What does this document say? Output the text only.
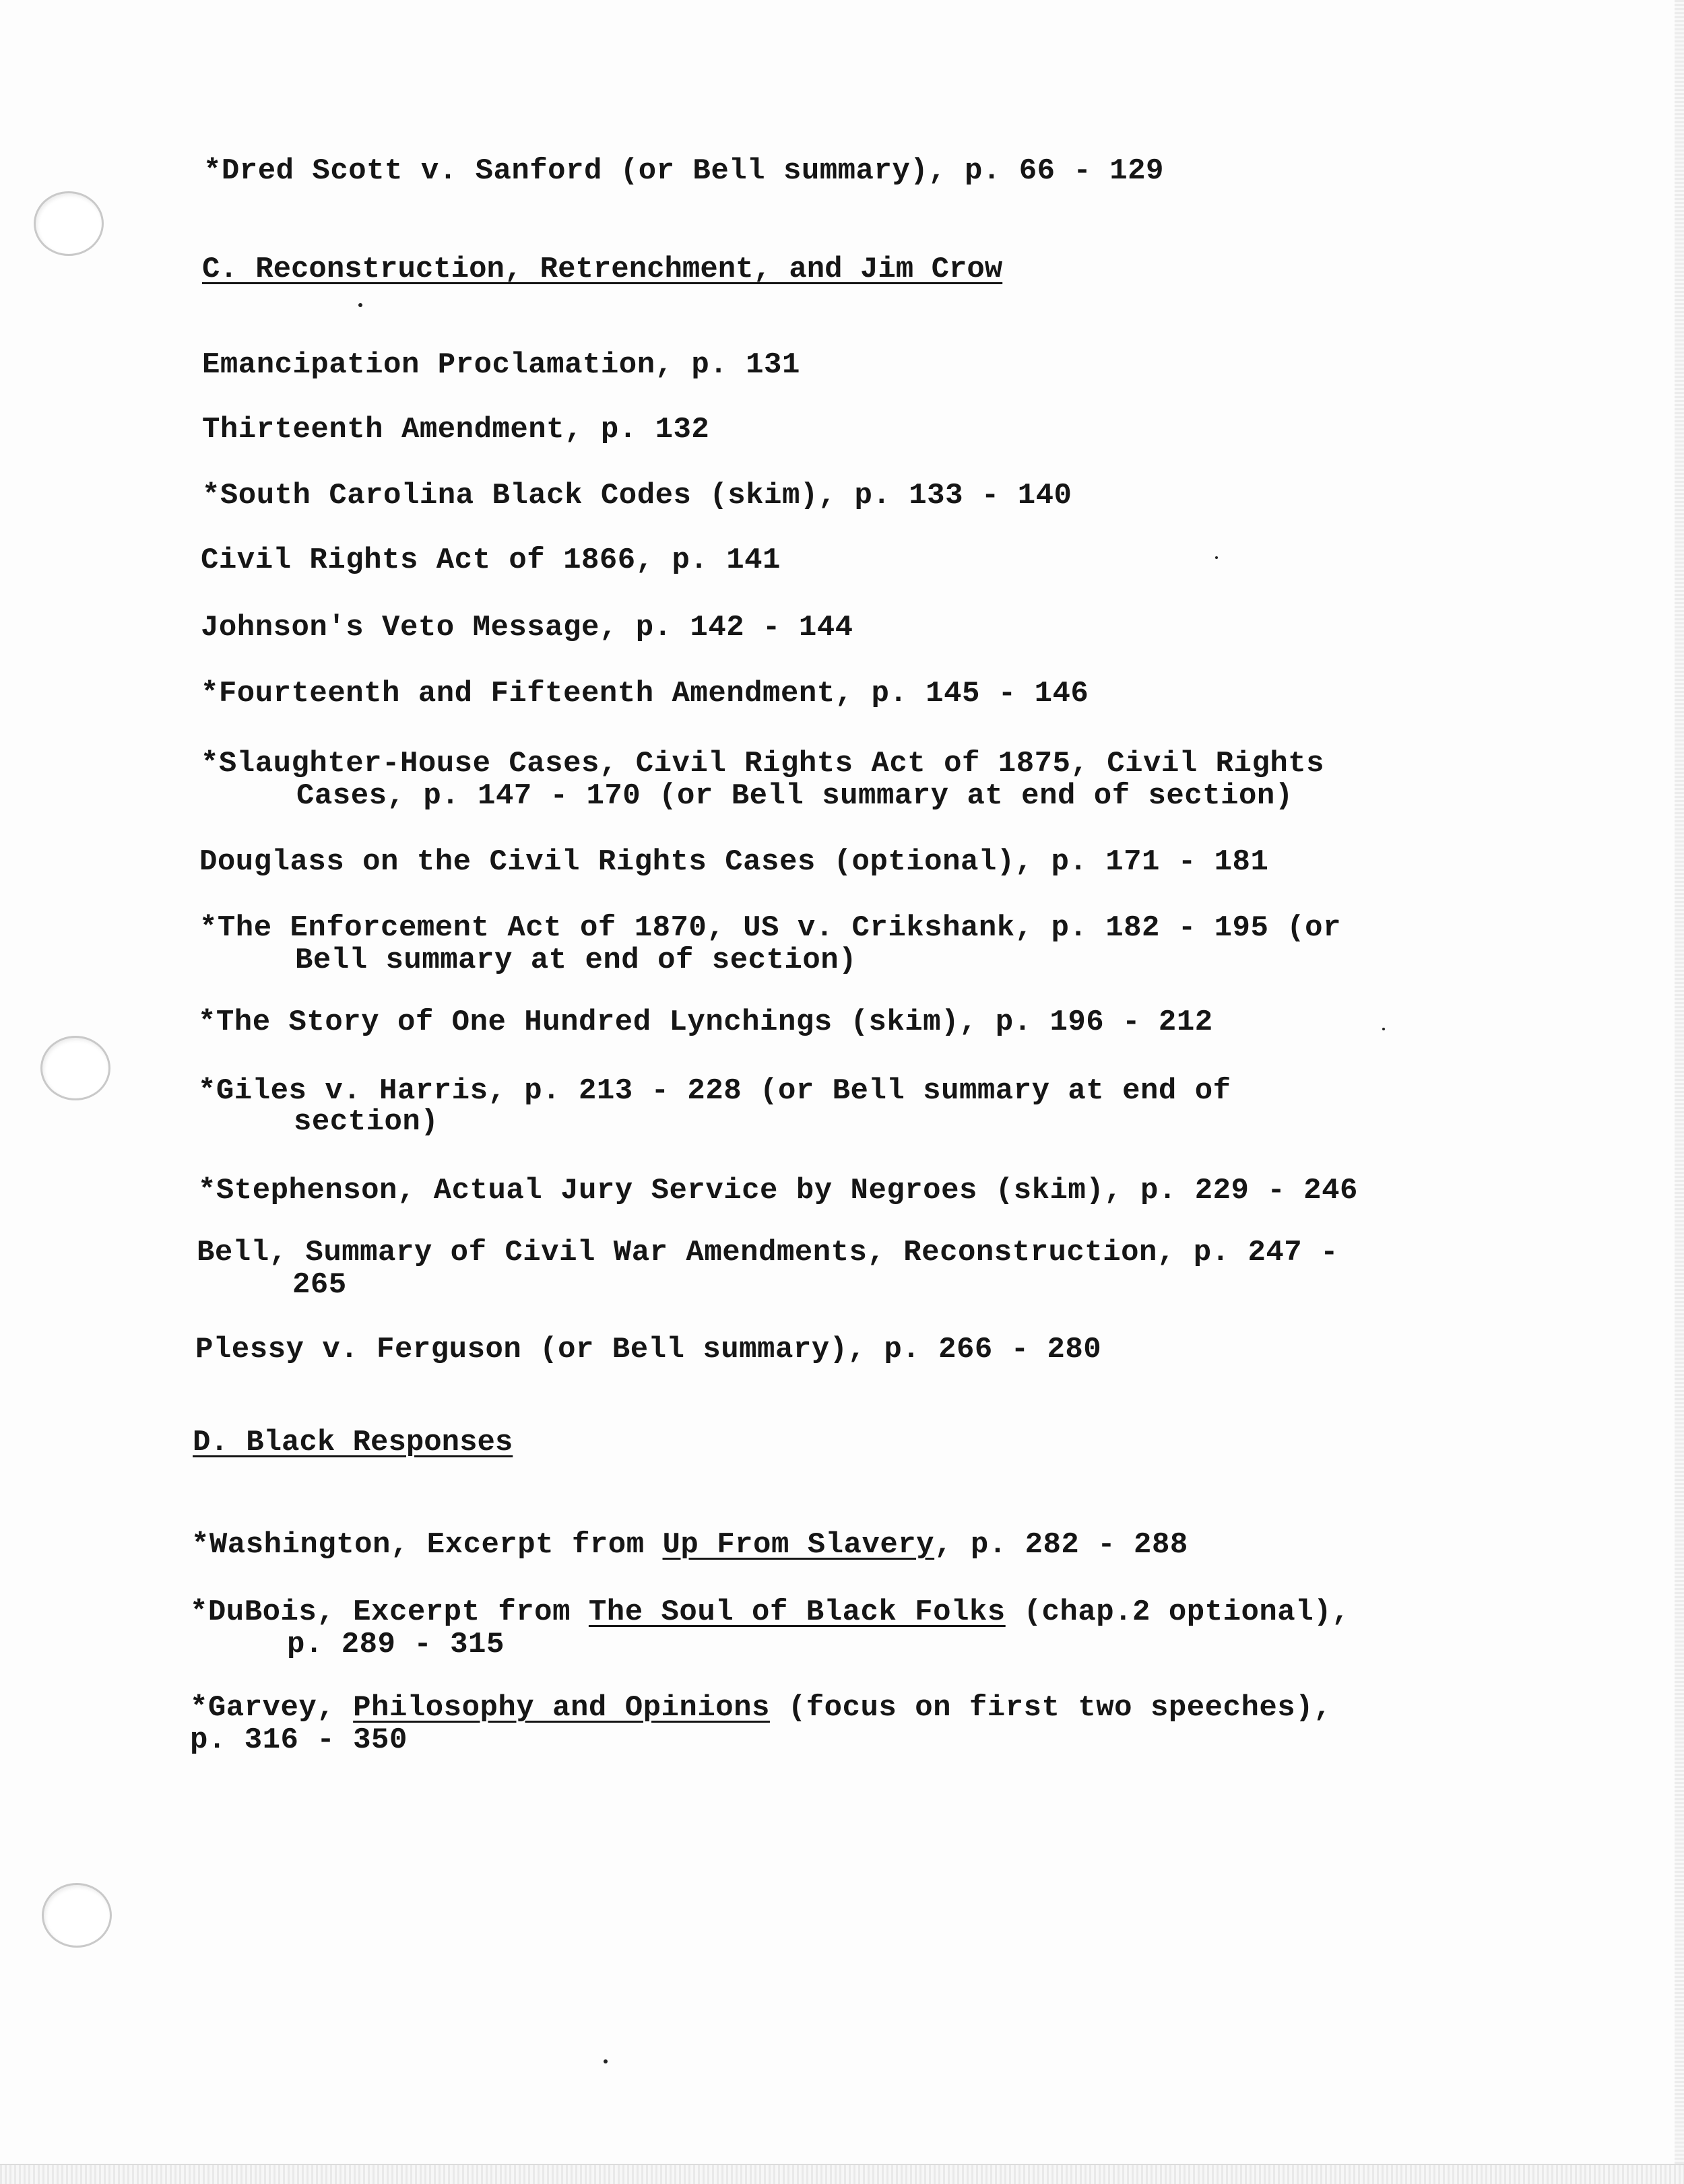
*Dred Scott v. Sanford (or Bell summary), p. 66 - 129
C. Reconstruction, Retrenchment, and Jim Crow
Emancipation Proclamation, p. 131
Thirteenth Amendment, p. 132
*South Carolina Black Codes (skim), p. 133 - 140
Civil Rights Act of 1866, p. 141
Johnson's Veto Message, p. 142 - 144
*Fourteenth and Fifteenth Amendment, p. 145 - 146
*Slaughter-House Cases, Civil Rights Act of 1875, Civil Rights
Cases, p. 147 - 170 (or Bell summary at end of section)
Douglass on the Civil Rights Cases (optional), p. 171 - 181
*The Enforcement Act of 1870, US v. Crikshank, p. 182 - 195 (or
Bell summary at end of section)
*The Story of One Hundred Lynchings (skim), p. 196 - 212
*Giles v. Harris, p. 213 - 228 (or Bell summary at end of
section)
*Stephenson, Actual Jury Service by Negroes (skim), p. 229 - 246
Bell, Summary of Civil War Amendments, Reconstruction, p. 247 -
265
Plessy v. Ferguson (or Bell summary), p. 266 - 280
D. Black Responses
*Washington, Excerpt from Up From Slavery, p. 282 - 288
*DuBois, Excerpt from The Soul of Black Folks (chap.2 optional),
p. 289 - 315
*Garvey, Philosophy and Opinions (focus on first two speeches),
p. 316 - 350
